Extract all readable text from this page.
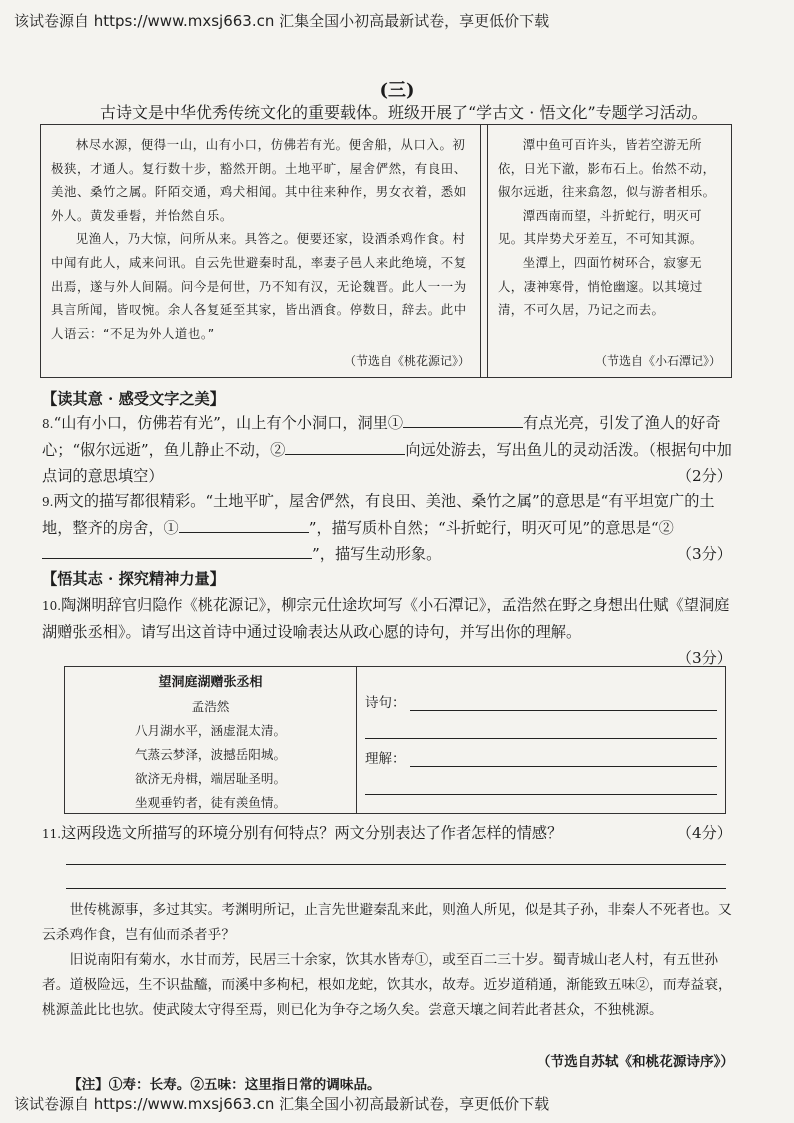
该试卷源自 https://www.mxsj663.cn 汇集全国小初高最新试卷，享更低价下载
(三)
古诗文是中华优秀传统文化的重要载体。班级开展了“学古文 · 悟文化”专题学习活动。

林尽水源，便得一山，山有小口，仿佛若有光。便舍船，从口入。初极狭，才通人。复行数十步，豁然开朗。土地平旷，屋舍俨然，有良田、美池、桑竹之属。阡陌交通，鸡犬相闻。其中往来种作，男女衣着，悉如外人。黄发垂髫，并怡然自乐。

见渔人，乃大惊，问所从来。具答之。便要还家，设酒杀鸡作食。村中闻有此人，咸来问讯。自云先世避秦时乱，率妻子邑人来此绝境，不复出焉，遂与外人间隔。问今是何世，乃不知有汉，无论魏晋。此人一一为具言所闻，皆叹惋。余人各复延至其家，皆出酒食。停数日，辞去。此中人语云：“不足为外人道也。”

（节选自《桃花源记》）

潭中鱼可百许头，皆若空游无所依，日光下澈，影布石上。佁然不动，俶尔远逝，往来翕忽，似与游者相乐。

潭西南而望，斗折蛇行，明灭可见。其岸势犬牙差互，不可知其源。

坐潭上，四面竹树环合，寂寥无人，凄神寒骨，悄怆幽邃。以其境过清，不可久居，乃记之而去。

（节选自《小石潭记》）
【读其意 · 感受文字之美】
8.“山有小口，仿佛若有光”，山上有个小洞口，洞里①	有点光亮，引发了渔人的好奇心；“俶尔远逝”，鱼儿静止不动，②	向远处游去，写出鱼儿的灵动活泼。（根据句中加点词的意思填空）	（2分）
9.两文的描写都很精彩。“土地平旷，屋舍俨然，有良田、美池、桑竹之属”的意思是“有平坦宽广的土地，整齐的房舍，①	”，描写质朴自然；“斗折蛇行，明灭可见”的意思是“②”，描写生动形象。	（3分）
【悟其志 · 探究精神力量】
10.陶渊明辞官归隐作《桃花源记》，柳宗元仕途坎坷写《小石潭记》，孟浩然在野之身想出仕赋《望洞庭湖赠张丞相》。请写出这首诗中通过设喻表达从政心愿的诗句，并写出你的理解。
（3分）
望洞庭湖赠张丞相
孟浩然
八月湖水平，涵虚混太清。
气蒸云梦泽，波撼岳阳城。
欲济无舟楫，端居耻圣明。
坐观垂钓者，徒有羡鱼情。
诗句：
理解：
11.这两段选文所描写的环境分别有何特点？两文分别表达了作者怎样的情感？	（4分）

世传桃源事，多过其实。考渊明所记，止言先世避秦乱来此，则渔人所见，似是其子孙，非秦人不死者也。又云杀鸡作食，岂有仙而杀者乎？

旧说南阳有菊水，水甘而芳，民居三十余家，饮其水皆寿①，或至百二三十岁。蜀青城山老人村，有五世孙者。道极险远，生不识盐醯，而溪中多枸杞，根如龙蛇，饮其水，故寿。近岁道稍通，渐能致五味②，而寿益衰，桃源盖此比也欤。使武陵太守得至焉，则已化为争夺之场久矣。尝意天壤之间若此者甚众，不独桃源。

（节选自苏轼《和桃花源诗序》）
【注】①寿：长寿。②五味：这里指日常的调味品。
该试卷源自 https://www.mxsj663.cn 汇集全国小初高最新试卷，享更低价下载
